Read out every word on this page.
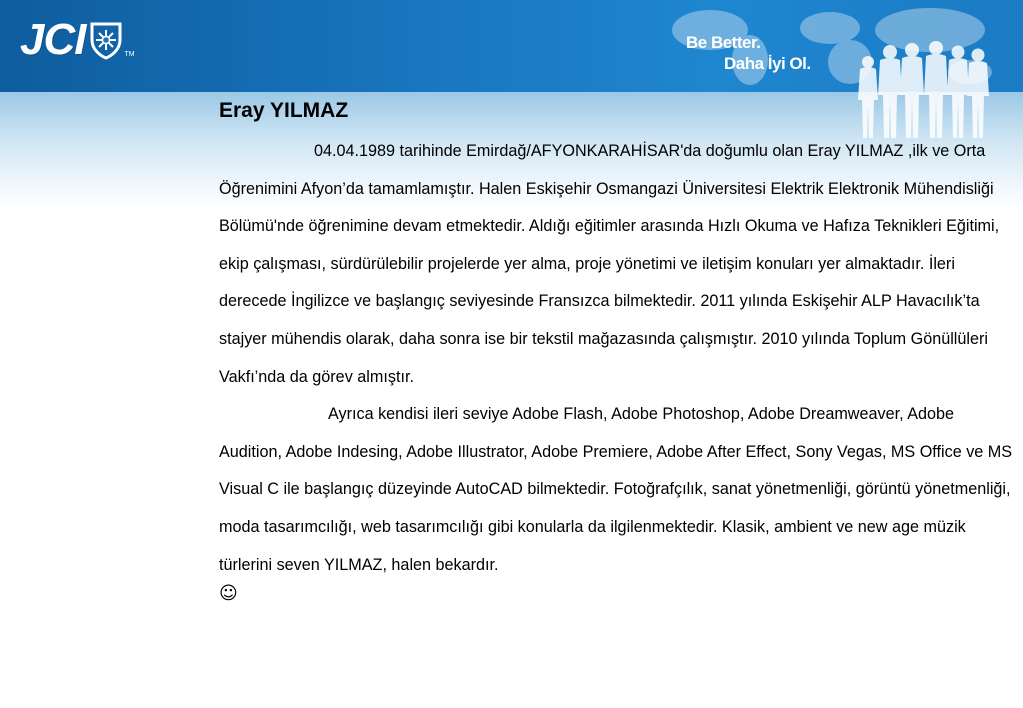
JCI	TM
Be Better.
Daha İyi Ol.
Eray YILMAZ

04.04.1989 tarihinde Emirdağ/AFYONKARAHİSAR'da doğumlu olan Eray YILMAZ ,ilk ve Orta Öğrenimini Afyon’da tamamlamıştır. Halen Eskişehir Osmangazi Üniversitesi Elektrik Elektronik Mühendisliği Bölümü'nde öğrenimine devam etmektedir. Aldığı eğitimler arasında Hızlı Okuma ve Hafıza Teknikleri Eğitimi, ekip çalışması, sürdürülebilir projelerde yer alma, proje yönetimi ve iletişim konuları yer almaktadır. İleri derecede İngilizce ve başlangıç seviyesinde Fransızca bilmektedir. 2011 yılında Eskişehir ALP Havacılık’ta stajyer mühendis olarak, daha sonra ise bir tekstil mağazasında çalışmıştır. 2010 yılında Toplum Gönüllüleri Vakfı’nda da görev almıştır.

Ayrıca kendisi ileri seviye Adobe Flash, Adobe Photoshop, Adobe Dreamweaver, Adobe Audition, Adobe Indesing, Adobe Illustrator, Adobe Premiere, Adobe After Effect, Sony Vegas, MS Office ve MS Visual C ile başlangıç düzeyinde AutoCAD bilmektedir. Fotoğrafçılık, sanat yönetmenliği, görüntü yönetmenliği, moda tasarımcılığı, web tasarımcılığı gibi konularla da ilgilenmektedir. Klasik, ambient ve new age müzik türlerini seven YILMAZ, halen bekardır.

☺
